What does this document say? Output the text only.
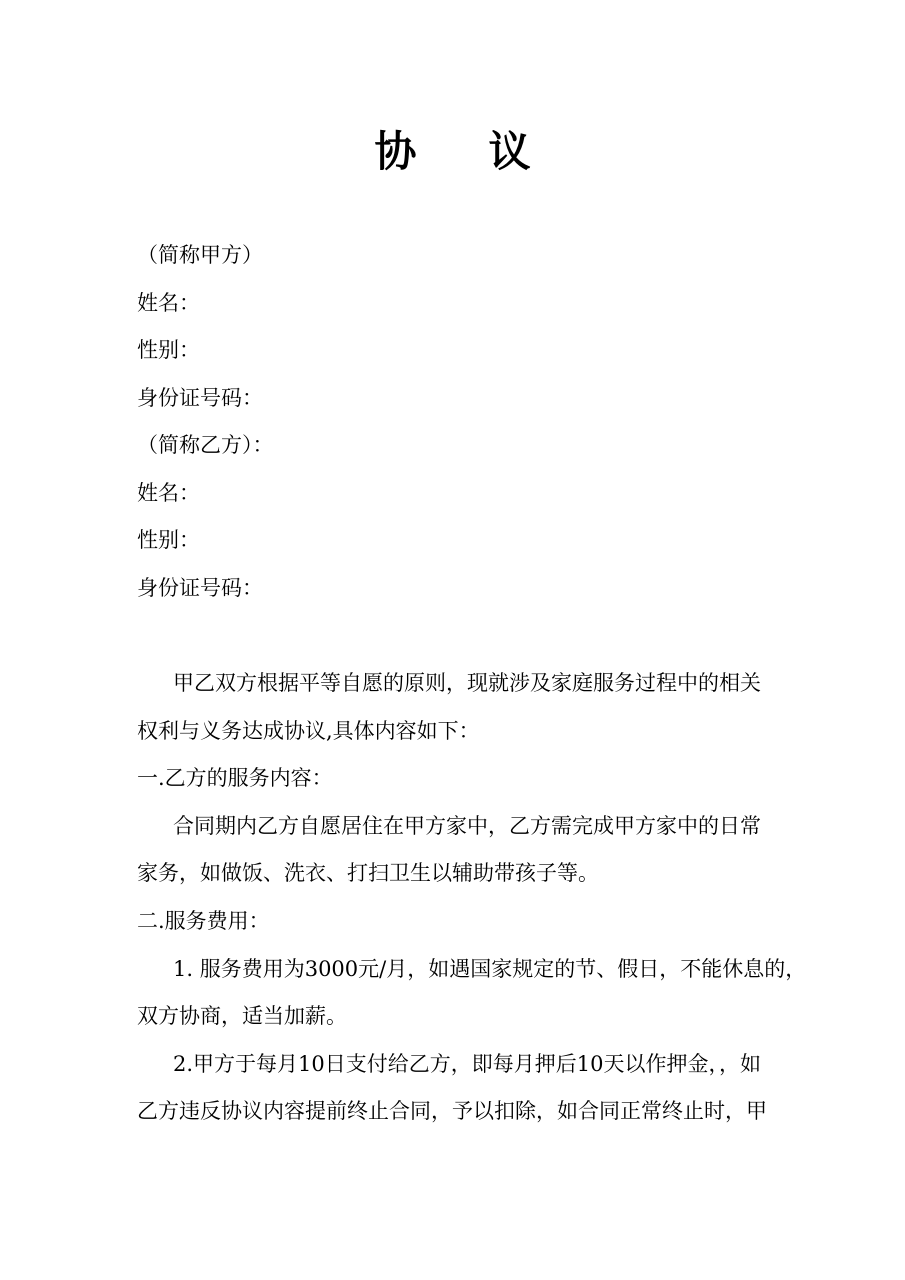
协 议
（简称甲方）
姓名：
性别：
身份证号码：
（简称乙方）：
姓名：
性别：
身份证号码：
甲乙双方根据平等自愿的原则，现就涉及家庭服务过程中的相关
权利与义务达成协议,具体内容如下：
一.乙方的服务内容：
合同期内乙方自愿居住在甲方家中，乙方需完成甲方家中的日常
家务，如做饭、洗衣、打扫卫生以辅助带孩子等。
二.服务费用：
1. 服务费用为3000元/月，如遇国家规定的节、假日，不能休息的，
双方协商，适当加薪。
2.甲方于每月10日支付给乙方，即每月押后10天以作押金，，如
乙方违反协议内容提前终止合同，予以扣除，如合同正常终止时，甲
